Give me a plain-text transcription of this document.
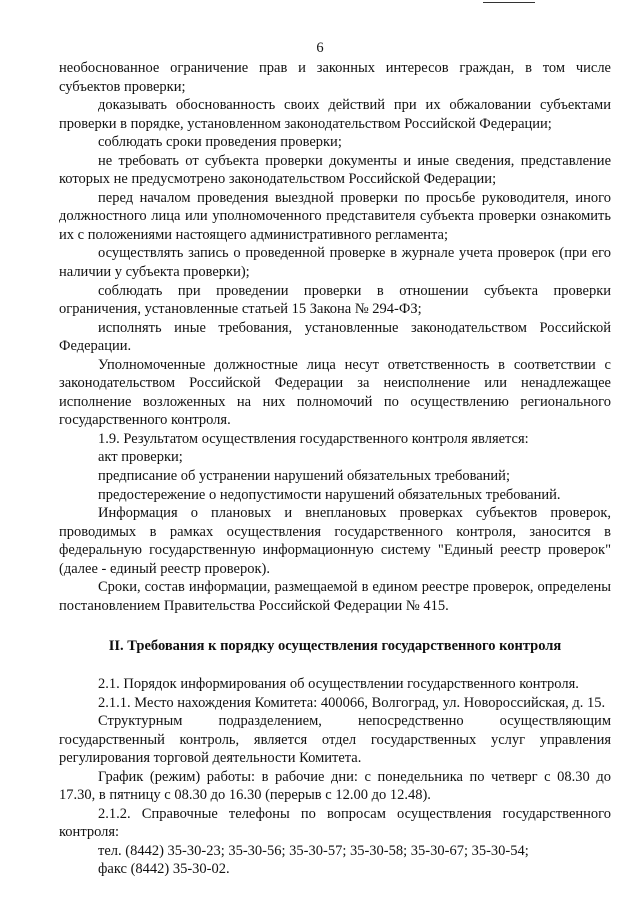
6

необоснованное ограничение прав и законных интересов граждан, в том числе субъектов проверки;

доказывать обоснованность своих действий при их обжаловании субъектами проверки в порядке, установленном законодательством Российской Федерации;

соблюдать сроки проведения проверки;

не требовать от субъекта проверки документы и иные сведения, представление которых не предусмотрено законодательством Российской Федерации;

перед началом проведения выездной проверки по просьбе руководителя, иного должностного лица или уполномоченного представителя субъекта проверки ознакомить их с положениями настоящего административного регламента;

осуществлять запись о проведенной проверке в журнале учета проверок (при его наличии у субъекта проверки);

соблюдать при проведении проверки в отношении субъекта проверки ограничения, установленные статьей 15 Закона № 294-ФЗ;

исполнять иные требования, установленные законодательством Российской Федерации.

Уполномоченные должностные лица несут ответственность в соответствии с законодательством Российской Федерации за неисполнение или ненадлежащее исполнение возложенных на них полномочий по осуществлению регионального государственного контроля.

1.9. Результатом осуществления государственного контроля является:

акт проверки;

предписание об устранении нарушений обязательных требований;

предостережение о недопустимости нарушений обязательных требований.

Информация о плановых и внеплановых проверках субъектов проверок, проводимых в рамках осуществления государственного контроля, заносится в федеральную государственную информационную систему "Единый реестр проверок" (далее - единый реестр проверок).

Сроки, состав информации, размещаемой в едином реестре проверок, определены постановлением Правительства Российской Федерации № 415.

II. Требования к порядку осуществления государственного контроля

2.1. Порядок информирования об осуществлении государственного контроля.

2.1.1. Место нахождения Комитета: 400066, Волгоград, ул. Новороссийская, д. 15.

Структурным подразделением, непосредственно осуществляющим государственный контроль, является отдел государственных услуг управления регулирования торговой деятельности Комитета.

График (режим) работы: в рабочие дни: с понедельника по четверг с 08.30 до 17.30, в пятницу с 08.30 до 16.30 (перерыв с 12.00 до 12.48).

2.1.2. Справочные телефоны по вопросам осуществления государственного контроля:

тел. (8442) 35-30-23; 35-30-56; 35-30-57; 35-30-58; 35-30-67; 35-30-54;

факс (8442) 35-30-02.
